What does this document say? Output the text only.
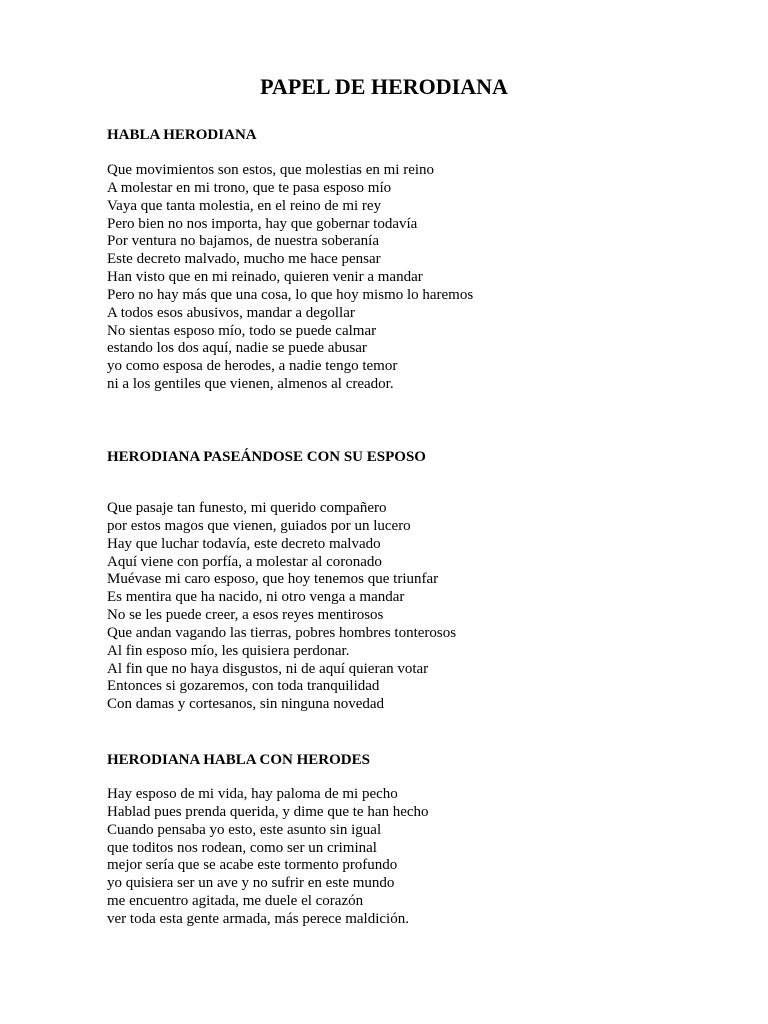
PAPEL DE HERODIANA
HABLA HERODIANA
Que movimientos son estos, que molestias en mi reino
A molestar en mi trono, que te pasa esposo mío
Vaya que tanta molestia, en el reino de mi rey
Pero bien no nos importa, hay que gobernar todavía
Por ventura no bajamos, de nuestra soberanía
Este decreto malvado, mucho me hace pensar
Han visto que en mi reinado, quieren venir a mandar
Pero no hay más que una cosa, lo que hoy mismo lo haremos
A todos esos abusivos, mandar a degollar
No sientas esposo mío, todo se puede calmar
estando los dos aquí, nadie se puede abusar
yo como esposa de herodes, a nadie tengo temor
ni a los gentiles que vienen, almenos al creador.
HERODIANA PASEÁNDOSE CON SU ESPOSO
Que pasaje tan funesto, mi querido compañero
por estos magos que vienen, guiados por un lucero
Hay que luchar todavía, este decreto malvado
Aquí viene con porfía, a molestar al coronado
Muévase mi caro esposo, que hoy tenemos que triunfar
Es mentira que ha nacido, ni otro venga a mandar
No se les puede creer, a esos reyes mentirosos
Que andan vagando las tierras, pobres hombres tonterosos
Al fin esposo mío, les quisiera perdonar.
Al fin que no haya disgustos, ni de aquí quieran votar
Entonces si gozaremos, con toda tranquilidad
Con damas y cortesanos, sin ninguna novedad
HERODIANA HABLA CON HERODES
Hay esposo de mi vida, hay paloma de mi pecho
Hablad pues prenda querida, y dime que te han hecho
Cuando pensaba yo esto, este asunto sin igual
que toditos nos rodean, como ser un criminal
mejor sería que se acabe este tormento profundo
yo quisiera ser un ave y no sufrir en este mundo
me encuentro agitada, me duele el corazón
ver toda esta gente armada, más perece maldición.
